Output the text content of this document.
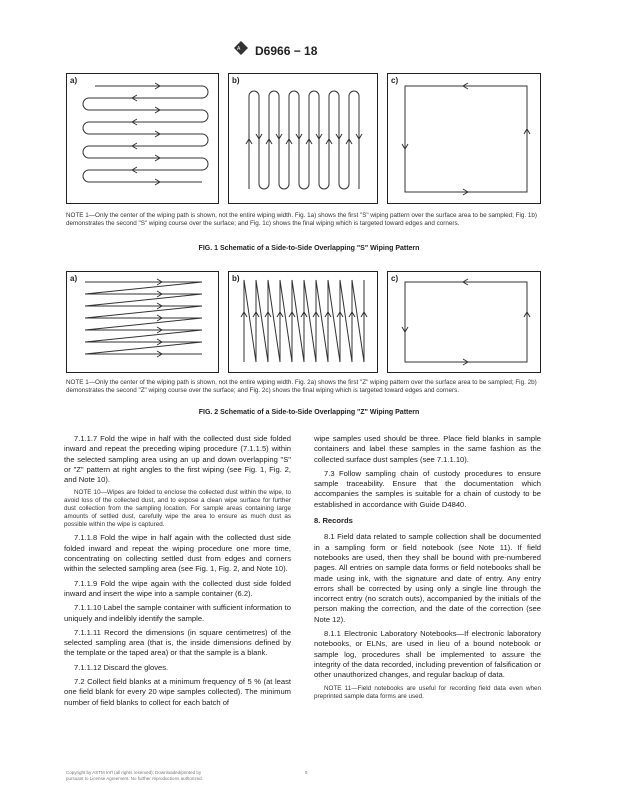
A D6966 − 18
a)	b)	c)
NOTE 1—Only the center of the wiping path is shown, not the entire wiping width. Fig. 1a) shows the first "S" wiping pattern over the surface area to be sampled; Fig. 1b) demonstrates the second "S" wiping course over the surface; and Fig. 1c) shows the final wiping which is targeted toward edges and corners.
FIG. 1 Schematic of a Side-to-Side Overlapping "S" Wiping Pattern
a)	b)	c)
NOTE 1—Only the center of the wiping path is shown, not the entire wiping width. Fig. 2a) shows the first "Z" wiping pattern over the surface area to be sampled; Fig. 2b) demonstrates the second "Z" wiping course over the surface; and Fig. 2c) shows the final wiping which is targeted toward edges and corners.
FIG. 2 Schematic of a Side-to-Side Overlapping "Z" Wiping Pattern

7.1.1.7 Fold the wipe in half with the collected dust side folded inward and repeat the preceding wiping procedure (7.1.1.5) within the selected sampling area using an up and down overlapping "S" or "Z" pattern at right angles to the first wiping (see Fig. 1, Fig. 2, and Note 10).

NOTE 10—Wipes are folded to enclose the collected dust within the wipe, to avoid loss of the collected dust, and to expose a clean wipe surface for further dust collection from the sampling location. For sample areas containing large amounts of settled dust, carefully wipe the area to ensure as much dust as possible within the wipe is captured.

7.1.1.8 Fold the wipe in half again with the collected dust side folded inward and repeat the wiping procedure one more time, concentrating on collecting settled dust from edges and corners within the selected sampling area (see Fig. 1, Fig. 2, and Note 10).

7.1.1.9 Fold the wipe again with the collected dust side folded inward and insert the wipe into a sample container (6.2).

7.1.1.10 Label the sample container with sufficient information to uniquely and indelibly identify the sample.

7.1.1.11 Record the dimensions (in square centimetres) of the selected sampling area (that is, the inside dimensions defined by the template or the taped area) or that the sample is a blank.

7.1.1.12 Discard the gloves.

7.2 Collect field blanks at a minimum frequency of 5 % (at least one field blank for every 20 wipe samples collected). The minimum number of field blanks to collect for each batch of

wipe samples used should be three. Place field blanks in sample containers and label these samples in the same fashion as the collected surface dust samples (see 7.1.1.10).

7.3 Follow sampling chain of custody procedures to ensure sample traceability. Ensure that the documentation which accompanies the samples is suitable for a chain of custody to be established in accordance with Guide D4840.

8. Records

8.1 Field data related to sample collection shall be documented in a sampling form or field notebook (see Note 11). If field notebooks are used, then they shall be bound with pre-numbered pages. All entries on sample data forms or field notebooks shall be made using ink, with the signature and date of entry. Any entry errors shall be corrected by using only a single line through the incorrect entry (no scratch outs), accompanied by the initials of the person making the correction, and the date of the correction (see Note 12).

8.1.1 Electronic Laboratory Notebooks—If electronic laboratory notebooks, or ELNs, are used in lieu of a bound notebook or sample log, procedures shall be implemented to assure the integrity of the data recorded, including prevention of falsification or other unauthorized changes, and regular backup of data.

NOTE 11—Field notebooks are useful for recording field data even when preprinted sample data forms are used.

Copyright by ASTM Int'l (all rights reserved); Downloaded/printed by pursuant to License Agreement. No further reproductions authorized.
5
